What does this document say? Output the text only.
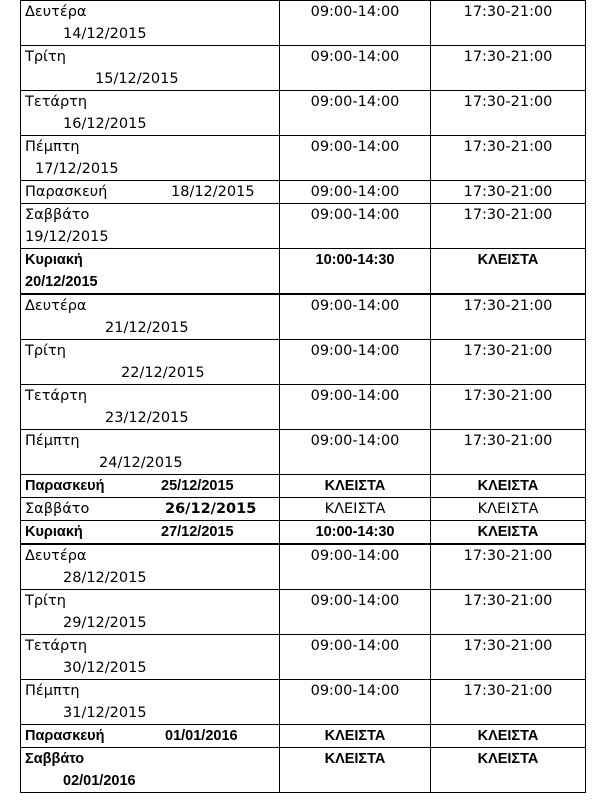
Δευτέρα
14/12/2015	09:00-14:00	17:30-21:00

Τρίτη
15/12/2015	09:00-14:00	17:30-21:00

Τετάρτη
16/12/2015	09:00-14:00	17:30-21:00

Πέμπτη
17/12/2015	09:00-14:00	17:30-21:00
Παρασκευή 18/12/2015	09:00-14:00	17:30-21:00

Σαββάτο
19/12/2015	09:00-14:00	17:30-21:00

Κυριακή
20/12/2015	10:00-14:30	ΚΛΕΙΣΤΑ

Δευτέρα
21/12/2015	09:00-14:00	17:30-21:00

Τρίτη
22/12/2015	09:00-14:00	17:30-21:00

Τετάρτη
23/12/2015	09:00-14:00	17:30-21:00

Πέμπτη
24/12/2015	09:00-14:00	17:30-21:00
Παρασκευή 25/12/2015	ΚΛΕΙΣΤΑ	ΚΛΕΙΣΤΑ
Σαββάτο 26/12/2015	ΚΛΕΙΣΤΑ	ΚΛΕΙΣΤΑ
Κυριακή 27/12/2015	10:00-14:30	ΚΛΕΙΣΤΑ

Δευτέρα
28/12/2015	09:00-14:00	17:30-21:00

Τρίτη
29/12/2015	09:00-14:00	17:30-21:00

Τετάρτη
30/12/2015	09:00-14:00	17:30-21:00

Πέμπτη
31/12/2015	09:00-14:00	17:30-21:00
Παρασκευή 01/01/2016	ΚΛΕΙΣΤΑ	ΚΛΕΙΣΤΑ

Σαββάτο
02/01/2016	ΚΛΕΙΣΤΑ	ΚΛΕΙΣΤΑ
